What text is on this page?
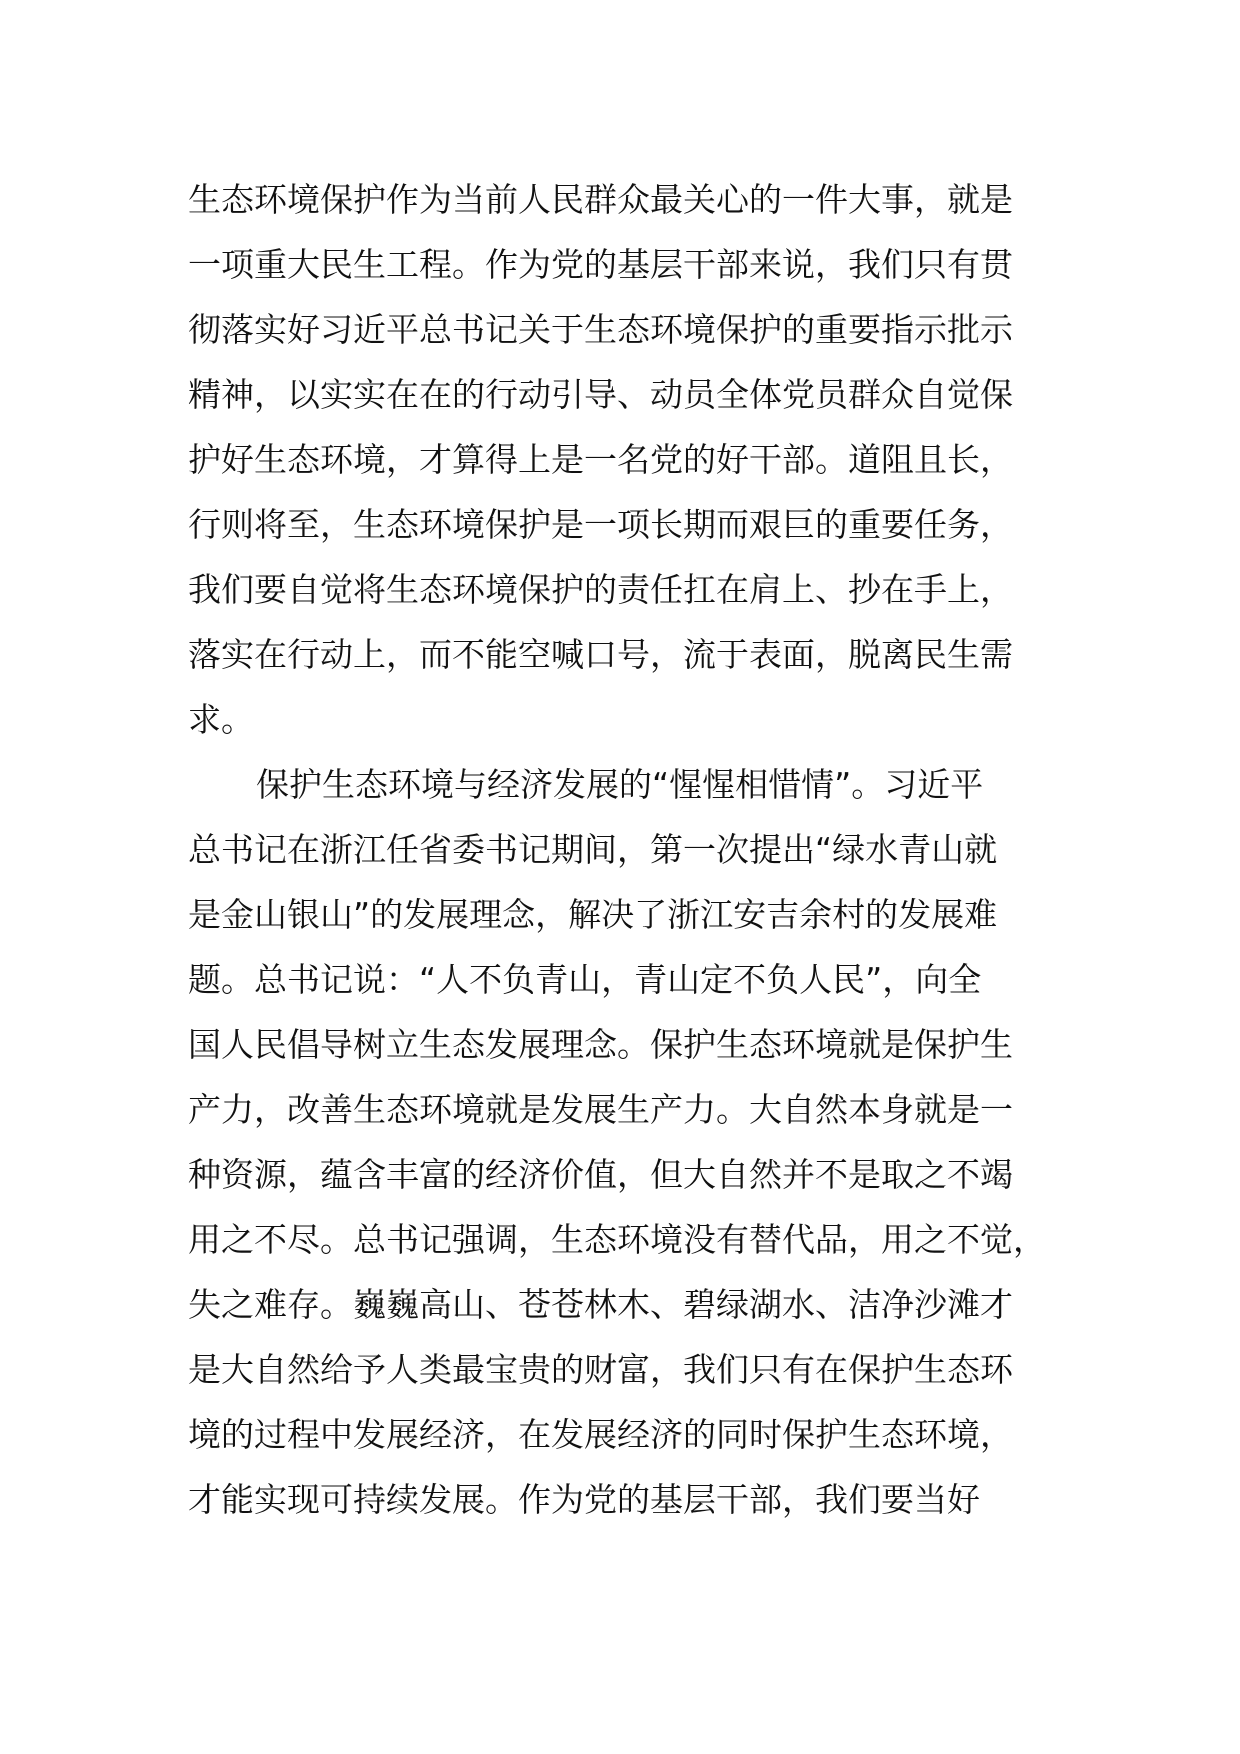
生态环境保护作为当前人民群众最关心的一件大事，就是
一项重大民生工程。作为党的基层干部来说，我们只有贯
彻落实好习近平总书记关于生态环境保护的重要指示批示
精神，以实实在在的行动引导、动员全体党员群众自觉保
护好生态环境，才算得上是一名党的好干部。道阻且长，
行则将至，生态环境保护是一项长期而艰巨的重要任务，
我们要自觉将生态环境保护的责任扛在肩上、抄在手上，
落实在行动上，而不能空喊口号，流于表面，脱离民生需
求。
保护生态环境与经济发展的“惺惺相惜情”。习近平
总书记在浙江任省委书记期间，第一次提出“绿水青山就
是金山银山”的发展理念，解决了浙江安吉余村的发展难
题。总书记说：“人不负青山，青山定不负人民”，向全
国人民倡导树立生态发展理念。保护生态环境就是保护生
产力，改善生态环境就是发展生产力。大自然本身就是一
种资源，蕴含丰富的经济价值，但大自然并不是取之不竭
用之不尽。总书记强调，生态环境没有替代品，用之不觉，
失之难存。巍巍高山、苍苍林木、碧绿湖水、洁净沙滩才
是大自然给予人类最宝贵的财富，我们只有在保护生态环
境的过程中发展经济，在发展经济的同时保护生态环境，
才能实现可持续发展。作为党的基层干部，我们要当好
